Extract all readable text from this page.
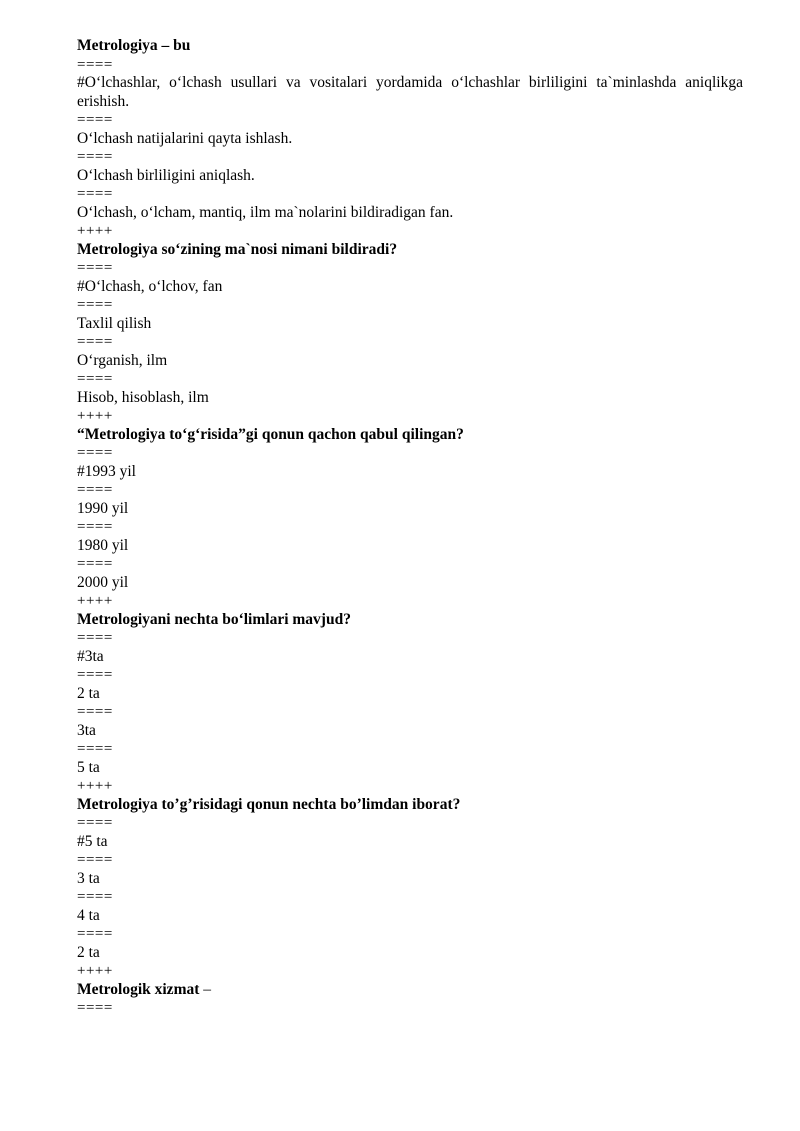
Metrologiya – bu
====
#O‘lchashlar, o‘lchash usullari va vositalari yordamida o‘lchashlar birliligini ta`minlashda aniqlikga erishish.
====
O‘lchash natijalarini qayta ishlash.
====
O‘lchash birliligini aniqlash.
====
O‘lchash, o‘lcham, mantiq, ilm ma`nolarini bildiradigan fan.
++++
Metrologiya so‘zining ma`nosi nimani bildiradi?
====
#O‘lchash, o‘lchov, fan
====
Taxlil qilish
====
O‘rganish, ilm
====
Hisob, hisoblash, ilm
++++
“Metrologiya to‘g‘risida”gi qonun qachon qabul qilingan?
====
#1993 yil
====
1990 yil
====
1980 yil
====
2000 yil
++++
Metrologiyani nechta bo‘limlari mavjud?
====
#3ta
====
2 ta
====
3ta
====
5 ta
++++
Metrologiya to’g’risidagi qonun nechta bo’limdan iborat?
====
#5 ta
====
3 ta
====
4 ta
====
2 ta
++++
Metrologik xizmat –
====
